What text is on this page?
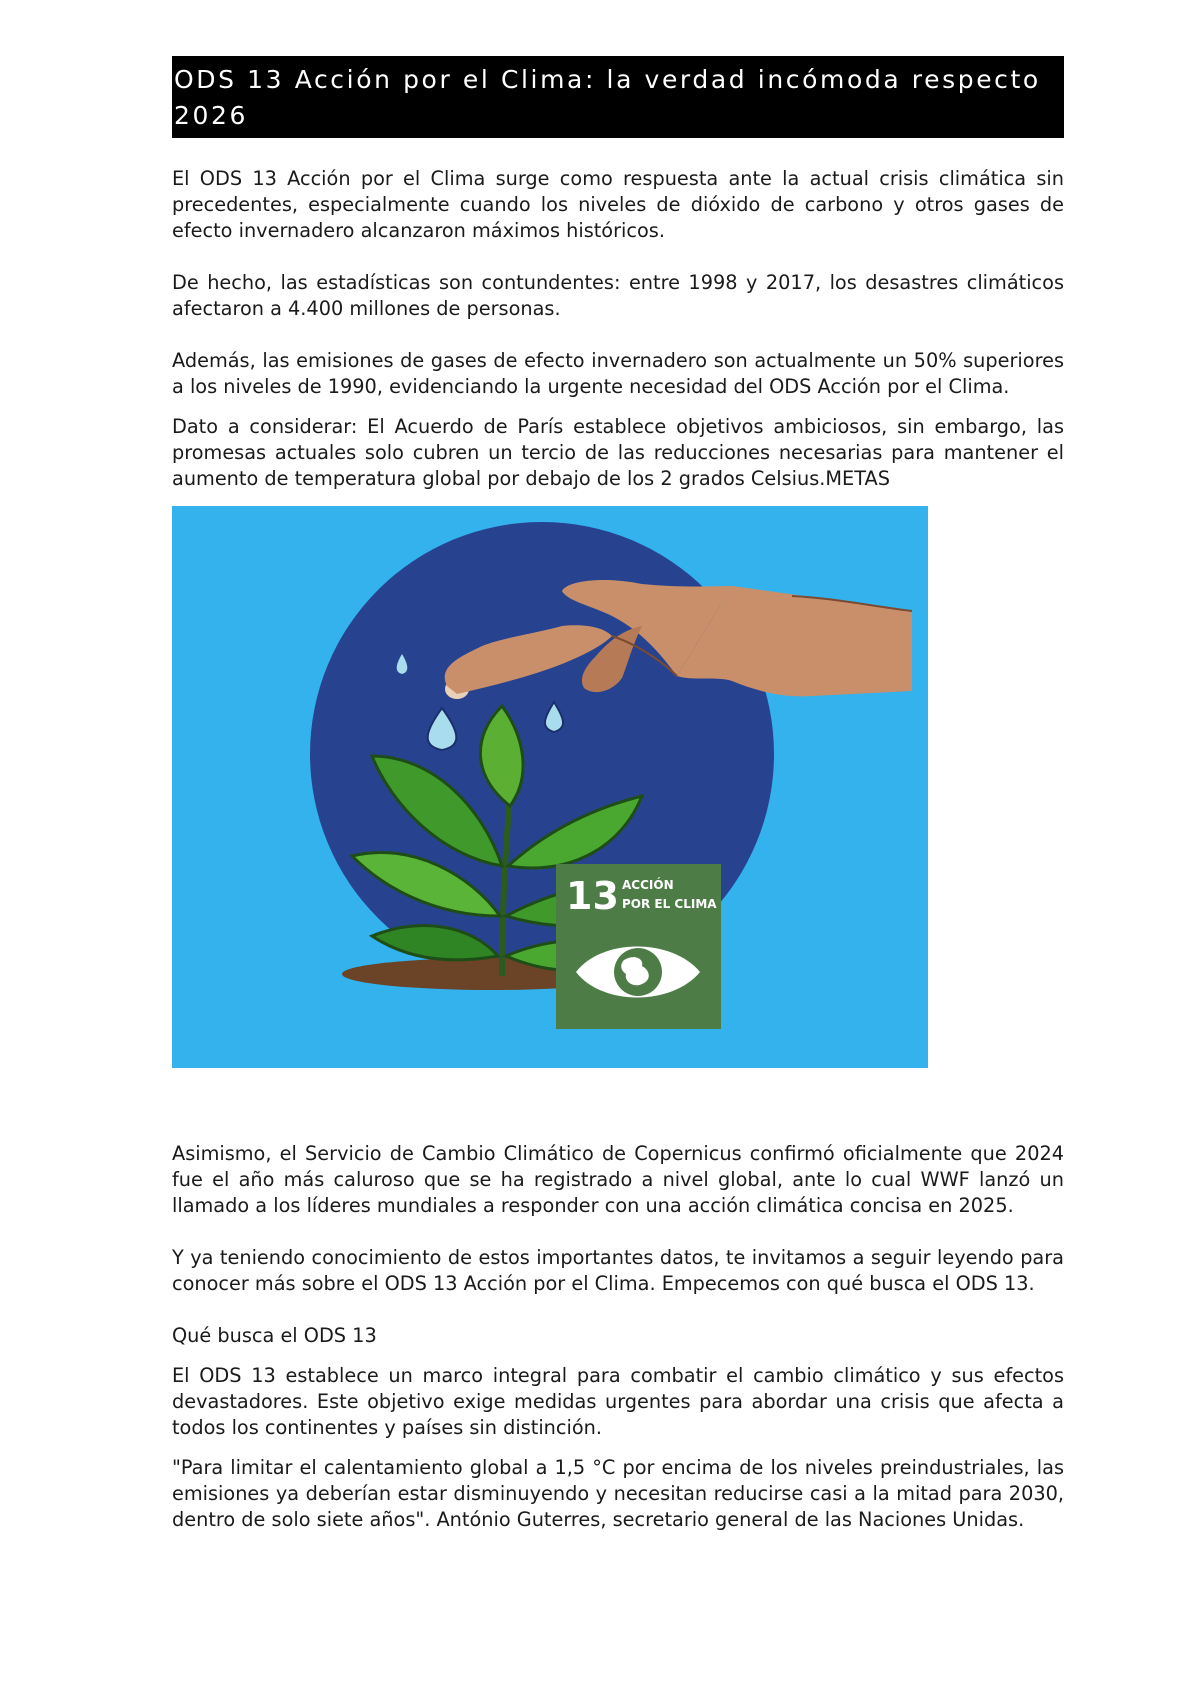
ODS 13 Acción por el Clima: la verdad incómoda respecto 2026

El ODS 13 Acción por el Clima surge como respuesta ante la actual crisis climática sin precedentes, especialmente cuando los niveles de dióxido de carbono y otros gases de efecto invernadero alcanzaron máximos históricos.

De hecho, las estadísticas son contundentes: entre 1998 y 2017, los desastres climáticos afectaron a 4.400 millones de personas.

Además, las emisiones de gases de efecto invernadero son actualmente un 50% superiores a los niveles de 1990, evidenciando la urgente necesidad del ODS Acción por el Clima.

Dato a considerar: El Acuerdo de París establece objetivos ambiciosos, sin embargo, las promesas actuales solo cubren un tercio de las reducciones necesarias para mantener el aumento de temperatura global por debajo de los 2 grados Celsius.METAS

13 ACCIÓN
POR EL CLIMA

Asimismo, el Servicio de Cambio Climático de Copernicus confirmó oficialmente que 2024 fue el año más caluroso que se ha registrado a nivel global, ante lo cual WWF lanzó un llamado a los líderes mundiales a responder con una acción climática concisa en 2025.

Y ya teniendo conocimiento de estos importantes datos, te invitamos a seguir leyendo para conocer más sobre el ODS 13 Acción por el Clima. Empecemos con qué busca el ODS 13.

Qué busca el ODS 13

El ODS 13 establece un marco integral para combatir el cambio climático y sus efectos devastadores. Este objetivo exige medidas urgentes para abordar una crisis que afecta a todos los continentes y países sin distinción.

"Para limitar el calentamiento global a 1,5 °C por encima de los niveles preindustriales, las emisiones ya deberían estar disminuyendo y necesitan reducirse casi a la mitad para 2030, dentro de solo siete años". António Guterres, secretario general de las Naciones Unidas.
